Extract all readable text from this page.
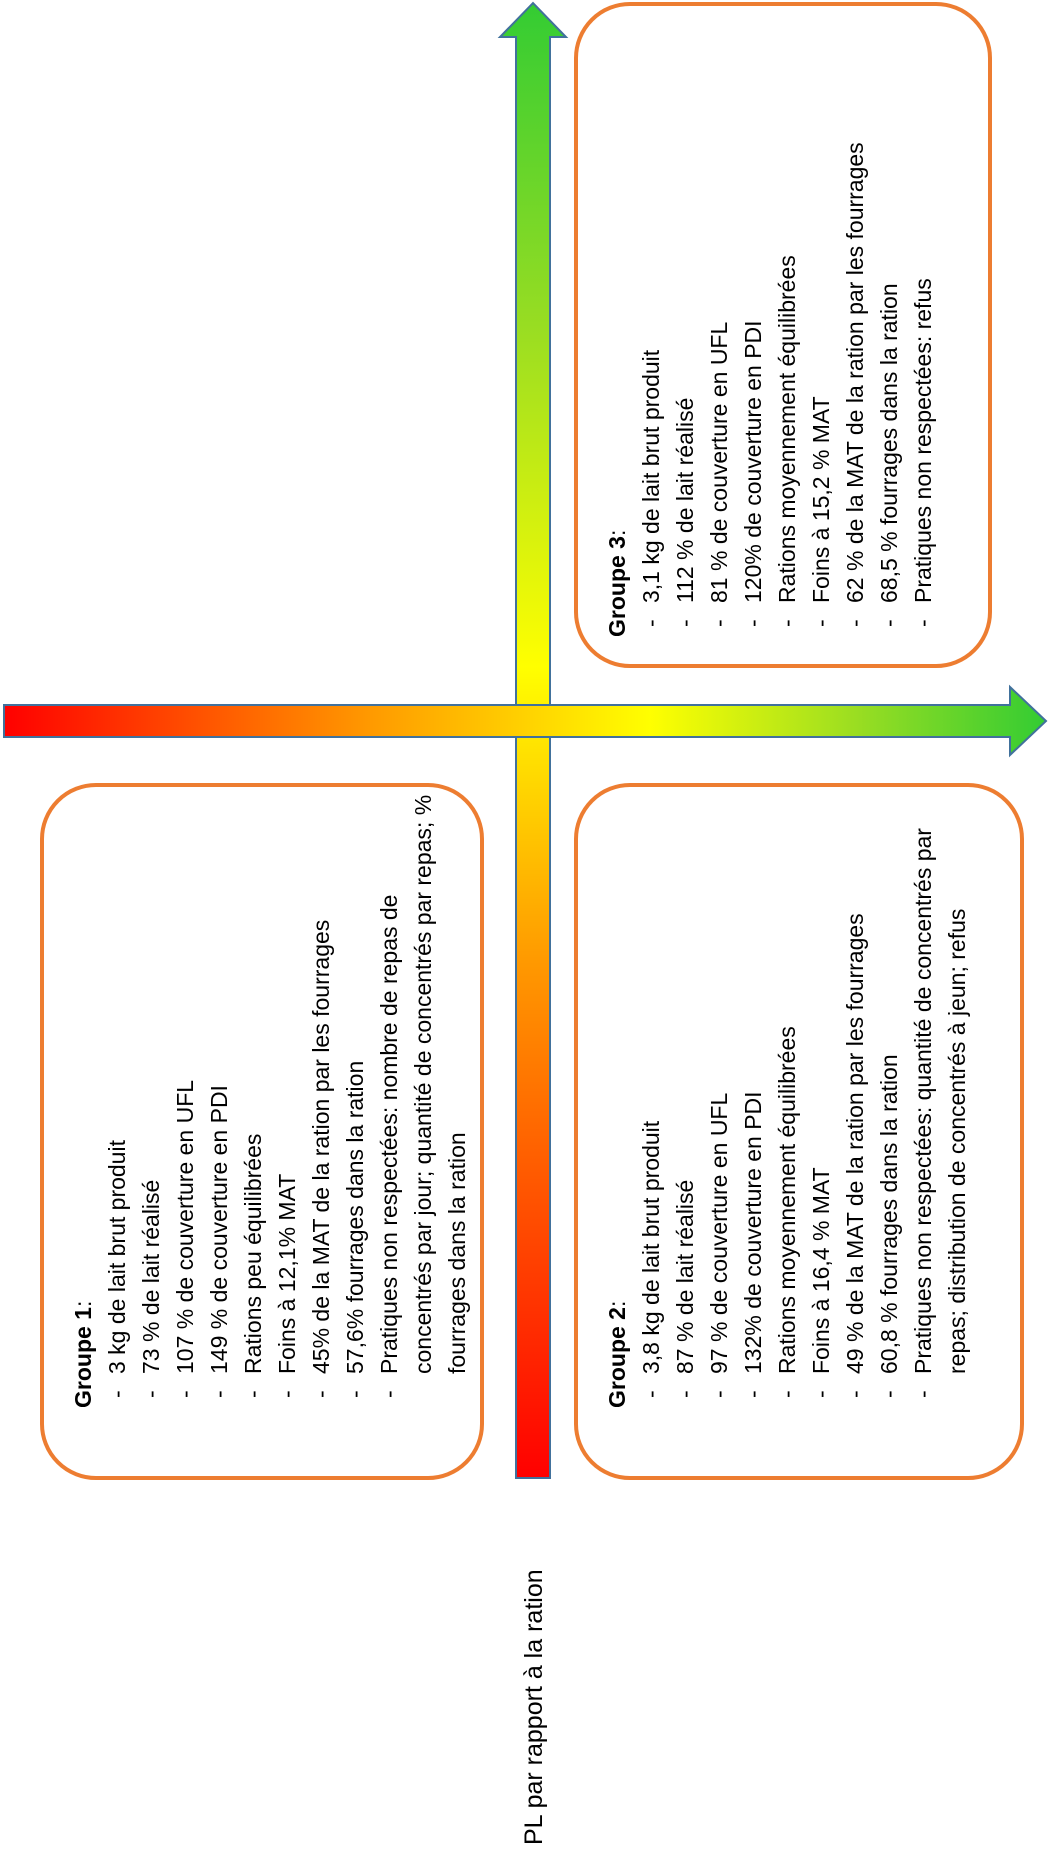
Groupe 1: - 3 kg de lait brut produit - 73 % de lait réalisé - 107 % de couverture en UFL - 149 % de couverture en PDI - Rations peu équilibrées - Foins à 12,1% MAT - 45% de la MAT de la ration par les fourrages - 57,6% fourrages dans la ration - Pratiques non respectées: nombre de repas de concentrés par jour; quantité de concentrés par repas; % fourrages dans la ration	Groupe 2: - 3,8 kg de lait brut produit - 87 % de lait réalisé - 97 % de couverture en UFL - 132% de couverture en PDI - Rations moyennement équilibrées - Foins à 16,4 % MAT - 49 % de la MAT de la ration par les fourrages - 60,8 % fourrages dans la ration - Pratiques non respectées: quantité de concentrés par repas; distribution de concentrés à jeun; refus
Groupe 3: - 3,1 kg de lait brut produit - 112 % de lait réalisé - 81 % de couverture en UFL - 120% de couverture en PDI - Rations moyennement équilibrées - Foins à 15,2 % MAT - 62 % de la MAT de la ration par les fourrages - 68,5 % fourrages dans la ration - Pratiques non respectées: refus
PL par rapport à la ration
